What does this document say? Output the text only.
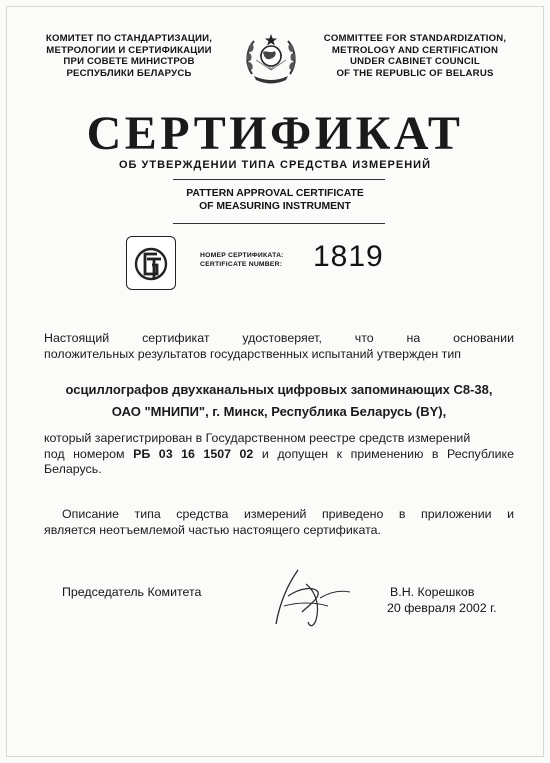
КОМИТЕТ ПО СТАНДАРТИЗАЦИИ,
МЕТРОЛОГИИ И СЕРТИФИКАЦИИ
ПРИ СОВЕТЕ МИНИСТРОВ
РЕСПУБЛИКИ БЕЛАРУСЬ
COMMITTEE FOR STANDARDIZATION,
METROLOGY AND CERTIFICATION
UNDER CABINET COUNCIL
OF THE REPUBLIC OF BELARUS
СЕРТИФИКАТ
ОБ УТВЕРЖДЕНИИ ТИПА СРЕДСТВА ИЗМЕРЕНИЙ
PATTERN APPROVAL CERTIFICATE
OF MEASURING INSTRUMENT
НОМЕР СЕРТИФИКАТА:
CERTIFICATE NUMBER: 1819
Настоящий сертификат удостоверяет, что на основании
положительных результатов государственных испытаний утвержден тип
осциллографов двухканальных цифровых запоминающих С8-38,
ОАО "МНИПИ", г. Минск, Республика Беларусь (BY),
который зарегистрирован в Государственном реестре средств измерений
под номером РБ 03 16 1507 02 и допущен к применению в Республике
Беларусь.
Описание типа средства измерений приведено в приложении и
является неотъемлемой частью настоящего сертификата.
Председатель Комитета	В.Н. Корешков
20 февраля 2002 г.
